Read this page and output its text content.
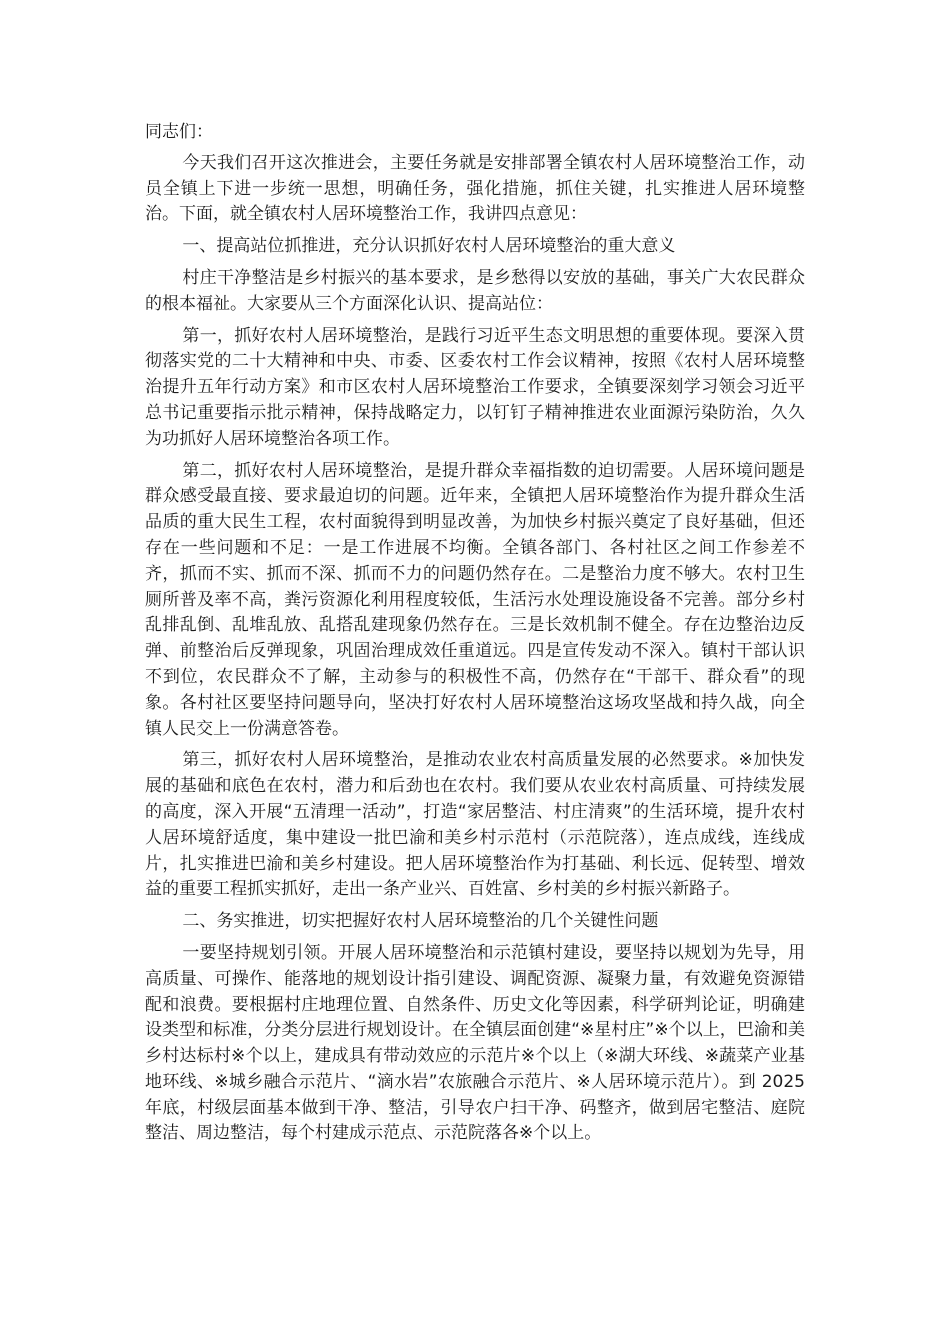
同志们：

今天我们召开这次推进会，主要任务就是安排部署全镇农村人居环境整治工作，动员全镇上下进一步统一思想，明确任务，强化措施，抓住关键，扎实推进人居环境整治。下面，就全镇农村人居环境整治工作，我讲四点意见：

一、提高站位抓推进，充分认识抓好农村人居环境整治的重大意义

村庄干净整洁是乡村振兴的基本要求，是乡愁得以安放的基础，事关广大农民群众的根本福祉。大家要从三个方面深化认识、提高站位：

第一，抓好农村人居环境整治，是践行习近平生态文明思想的重要体现。要深入贯彻落实党的二十大精神和中央、市委、区委农村工作会议精神，按照《农村人居环境整治提升五年行动方案》和市区农村人居环境整治工作要求，全镇要深刻学习领会习近平总书记重要指示批示精神，保持战略定力，以钉钉子精神推进农业面源污染防治，久久为功抓好人居环境整治各项工作。

第二，抓好农村人居环境整治，是提升群众幸福指数的迫切需要。人居环境问题是群众感受最直接、要求最迫切的问题。近年来，全镇把人居环境整治作为提升群众生活品质的重大民生工程，农村面貌得到明显改善，为加快乡村振兴奠定了良好基础，但还存在一些问题和不足：一是工作进展不均衡。全镇各部门、各村社区之间工作参差不齐，抓而不实、抓而不深、抓而不力的问题仍然存在。二是整治力度不够大。农村卫生厕所普及率不高，粪污资源化利用程度较低，生活污水处理设施设备不完善。部分乡村乱排乱倒、乱堆乱放、乱搭乱建现象仍然存在。三是长效机制不健全。存在边整治边反弹、前整治后反弹现象，巩固治理成效任重道远。四是宣传发动不深入。镇村干部认识不到位，农民群众不了解，主动参与的积极性不高，仍然存在“干部干、群众看”的现象。各村社区要坚持问题导向，坚决打好农村人居环境整治这场攻坚战和持久战，向全镇人民交上一份满意答卷。

第三，抓好农村人居环境整治，是推动农业农村高质量发展的必然要求。※加快发展的基础和底色在农村，潜力和后劲也在农村。我们要从农业农村高质量、可持续发展的高度，深入开展“五清理一活动”，打造“家居整洁、村庄清爽”的生活环境，提升农村人居环境舒适度，集中建设一批巴渝和美乡村示范村（示范院落），连点成线，连线成片，扎实推进巴渝和美乡村建设。把人居环境整治作为打基础、利长远、促转型、增效益的重要工程抓实抓好，走出一条产业兴、百姓富、乡村美的乡村振兴新路子。

二、务实推进，切实把握好农村人居环境整治的几个关键性问题

一要坚持规划引领。开展人居环境整治和示范镇村建设，要坚持以规划为先导，用高质量、可操作、能落地的规划设计指引建设、调配资源、凝聚力量，有效避免资源错配和浪费。要根据村庄地理位置、自然条件、历史文化等因素，科学研判论证，明确建设类型和标准，分类分层进行规划设计。在全镇层面创建“※星村庄”※个以上，巴渝和美乡村达标村※个以上，建成具有带动效应的示范片※个以上（※湖大环线、※蔬菜产业基地环线、※城乡融合示范片、“滴水岩”农旅融合示范片、※人居环境示范片）。到 2025 年底，村级层面基本做到干净、整洁，引导农户扫干净、码整齐，做到居宅整洁、庭院整洁、周边整洁，每个村建成示范点、示范院落各※个以上。
